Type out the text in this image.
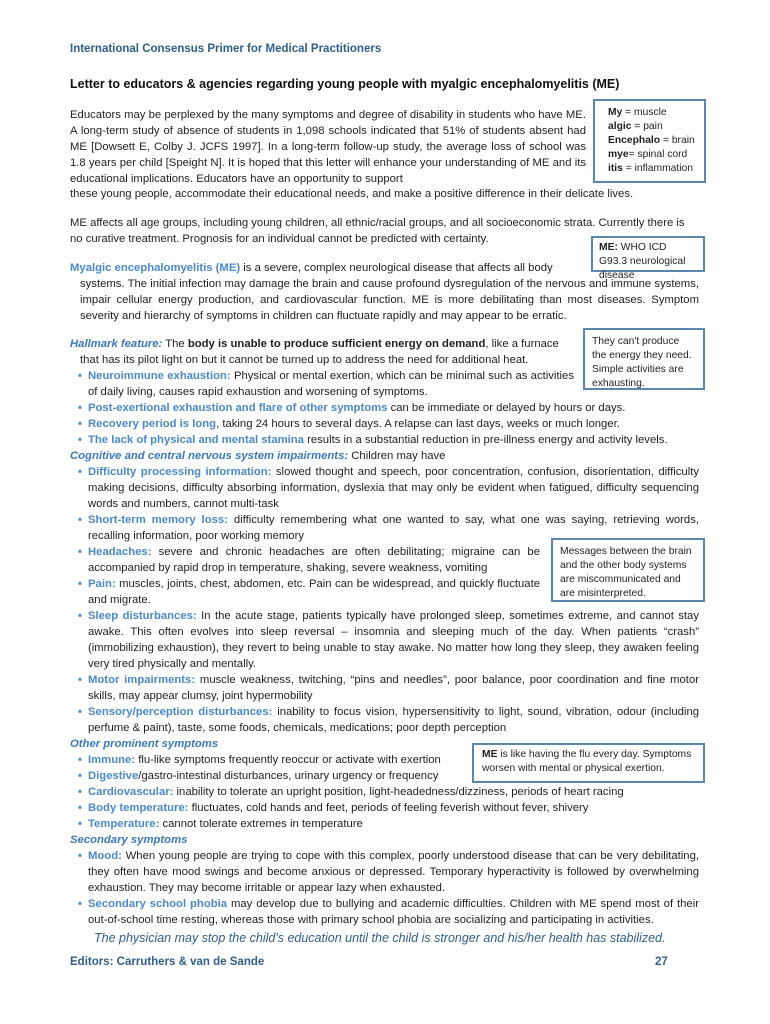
International Consensus Primer for Medical Practitioners
Letter to educators & agencies regarding young people with myalgic encephalomyelitis (ME)
Educators may be perplexed by the many symptoms and degree of disability in students who have ME. A long-term study of absence of students in 1,098 schools indicated that 51% of students absent had ME [Dowsett E, Colby J. JCFS 1997]. In a long-term follow-up study, the average loss of school was 1.8 years per child [Speight N]. It is hoped that this letter will enhance your understanding of ME and its educational implications. Educators have an opportunity to support
these young people, accommodate their educational needs, and make a positive difference in their delicate lives.
My = muscle
algic = pain
Encephalo = brain
mye= spinal cord
itis = inflammation
ME affects all age groups, including young children, all ethnic/racial groups, and all socioeconomic strata. Currently there is no curative treatment. Prognosis for an individual cannot be predicted with certainty.
ME: WHO ICD G93.3 neurological disease
Myalgic encephalomyelitis (ME) is a severe, complex neurological disease that affects all body
systems. The initial infection may damage the brain and cause profound dysregulation of the nervous and immune systems, impair cellular energy production, and cardiovascular function. ME is more debilitating than most diseases. Symptom severity and hierarchy of symptoms in children can fluctuate rapidly and may appear to be erratic.
Hallmark feature: The body is unable to produce sufficient energy on demand, like a furnace
that has its pilot light on but it cannot be turned up to address the need for additional heat.
They can't produce the energy they need. Simple activities are exhausting.
• Neuroimmune exhaustion: Physical or mental exertion, which can be minimal such as activities of daily living, causes rapid exhaustion and worsening of symptoms.
• Post-exertional exhaustion and flare of other symptoms can be immediate or delayed by hours or days.
• Recovery period is long, taking 24 hours to several days. A relapse can last days, weeks or much longer.
• The lack of physical and mental stamina results in a substantial reduction in pre-illness energy and activity levels.
Cognitive and central nervous system impairments: Children may have
• Difficulty processing information: slowed thought and speech, poor concentration, confusion, disorientation, difficulty making decisions, difficulty absorbing information, dyslexia that may only be evident when fatigued, difficulty sequencing words and numbers, cannot multi-task
• Short-term memory loss: difficulty remembering what one wanted to say, what one was saying, retrieving words, recalling information, poor working memory
• Headaches: severe and chronic headaches are often debilitating; migraine can be accompanied by rapid drop in temperature, shaking, severe weakness, vomiting
• Pain: muscles, joints, chest, abdomen, etc. Pain can be widespread, and quickly fluctuate and migrate.
Messages between the brain and the other body systems are miscommunicated and are misinterpreted.
• Sleep disturbances: In the acute stage, patients typically have prolonged sleep, sometimes extreme, and cannot stay awake. This often evolves into sleep reversal – insomnia and sleeping much of the day. When patients “crash” (immobilizing exhaustion), they revert to being unable to stay awake. No matter how long they sleep, they awaken feeling very tired physically and mentally.
• Motor impairments: muscle weakness, twitching, “pins and needles”, poor balance, poor coordination and fine motor skills, may appear clumsy, joint hypermobility
• Sensory/perception disturbances: inability to focus vision, hypersensitivity to light, sound, vibration, odour (including perfume & paint), taste, some foods, chemicals, medications; poor depth perception
Other prominent symptoms
• Immune: flu-like symptoms frequently reoccur or activate with exertion
• Digestive/gastro-intestinal disturbances, urinary urgency or frequency
ME is like having the flu every day. Symptoms worsen with mental or physical exertion.
• Cardiovascular: inability to tolerate an upright position, light-headedness/dizziness, periods of heart racing
• Body temperature: fluctuates, cold hands and feet, periods of feeling feverish without fever, shivery
• Temperature: cannot tolerate extremes in temperature
Secondary symptoms
• Mood: When young people are trying to cope with this complex, poorly understood disease that can be very debilitating, they often have mood swings and become anxious or depressed. Temporary hyperactivity is followed by overwhelming exhaustion. They may become irritable or appear lazy when exhausted.
• Secondary school phobia may develop due to bullying and academic difficulties. Children with ME spend most of their out-of-school time resting, whereas those with primary school phobia are socializing and participating in activities.
The physician may stop the child's education until the child is stronger and his/her health has stabilized.
Editors: Carruthers & van de Sande	27
